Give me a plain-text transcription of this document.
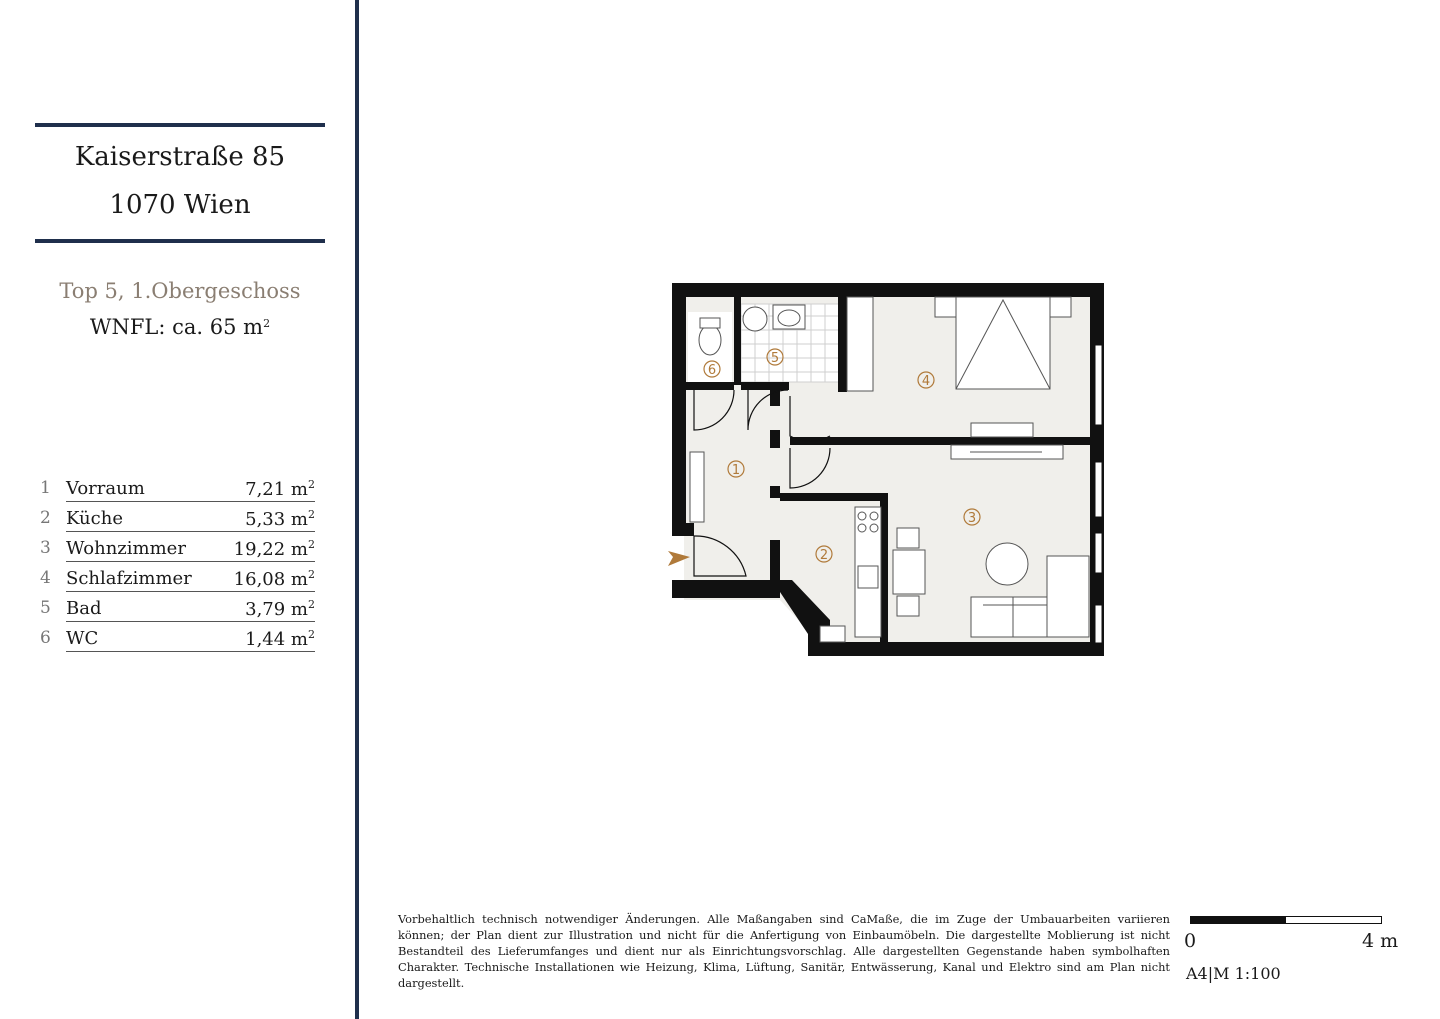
Kaiserstraße 85
1070 Wien
Top 5, 1.Obergeschoss
WNFL: ca. 65 $m^2$
1 Vorraum	7,21 $m^2$
2 Küche	5,33 $m^2$
3 Wohnzimmer	19,22 $m^2$
4 Schlafzimmer 16,08 $m^2$
5 Bad	3,79 $m^2$
6 WC	1,44 $m^2$
1
2
3
4
5
6
Vorbehaltlich technisch notwendiger Änderungen. Alle Maßangaben sind CaMaße, die im Zuge der Umbauarbeiten variieren können; der Plan dient zur Illustration und nicht für die Anfertigung von Einbaumöbeln. Die dargestellte Moblierung ist nicht Bestandteil des Lieferumfanges und dient nur als Einrichtungsvorschlag. Alle dargestellten Gegenstande haben symbolhaften Charakter. Technische Installationen wie Heizung, Klima, Lüftung, Sanitär, Entwässerung, Kanal und Elektro sind am Plan nicht dargestellt.
0	4 m
A4|M 1:100
